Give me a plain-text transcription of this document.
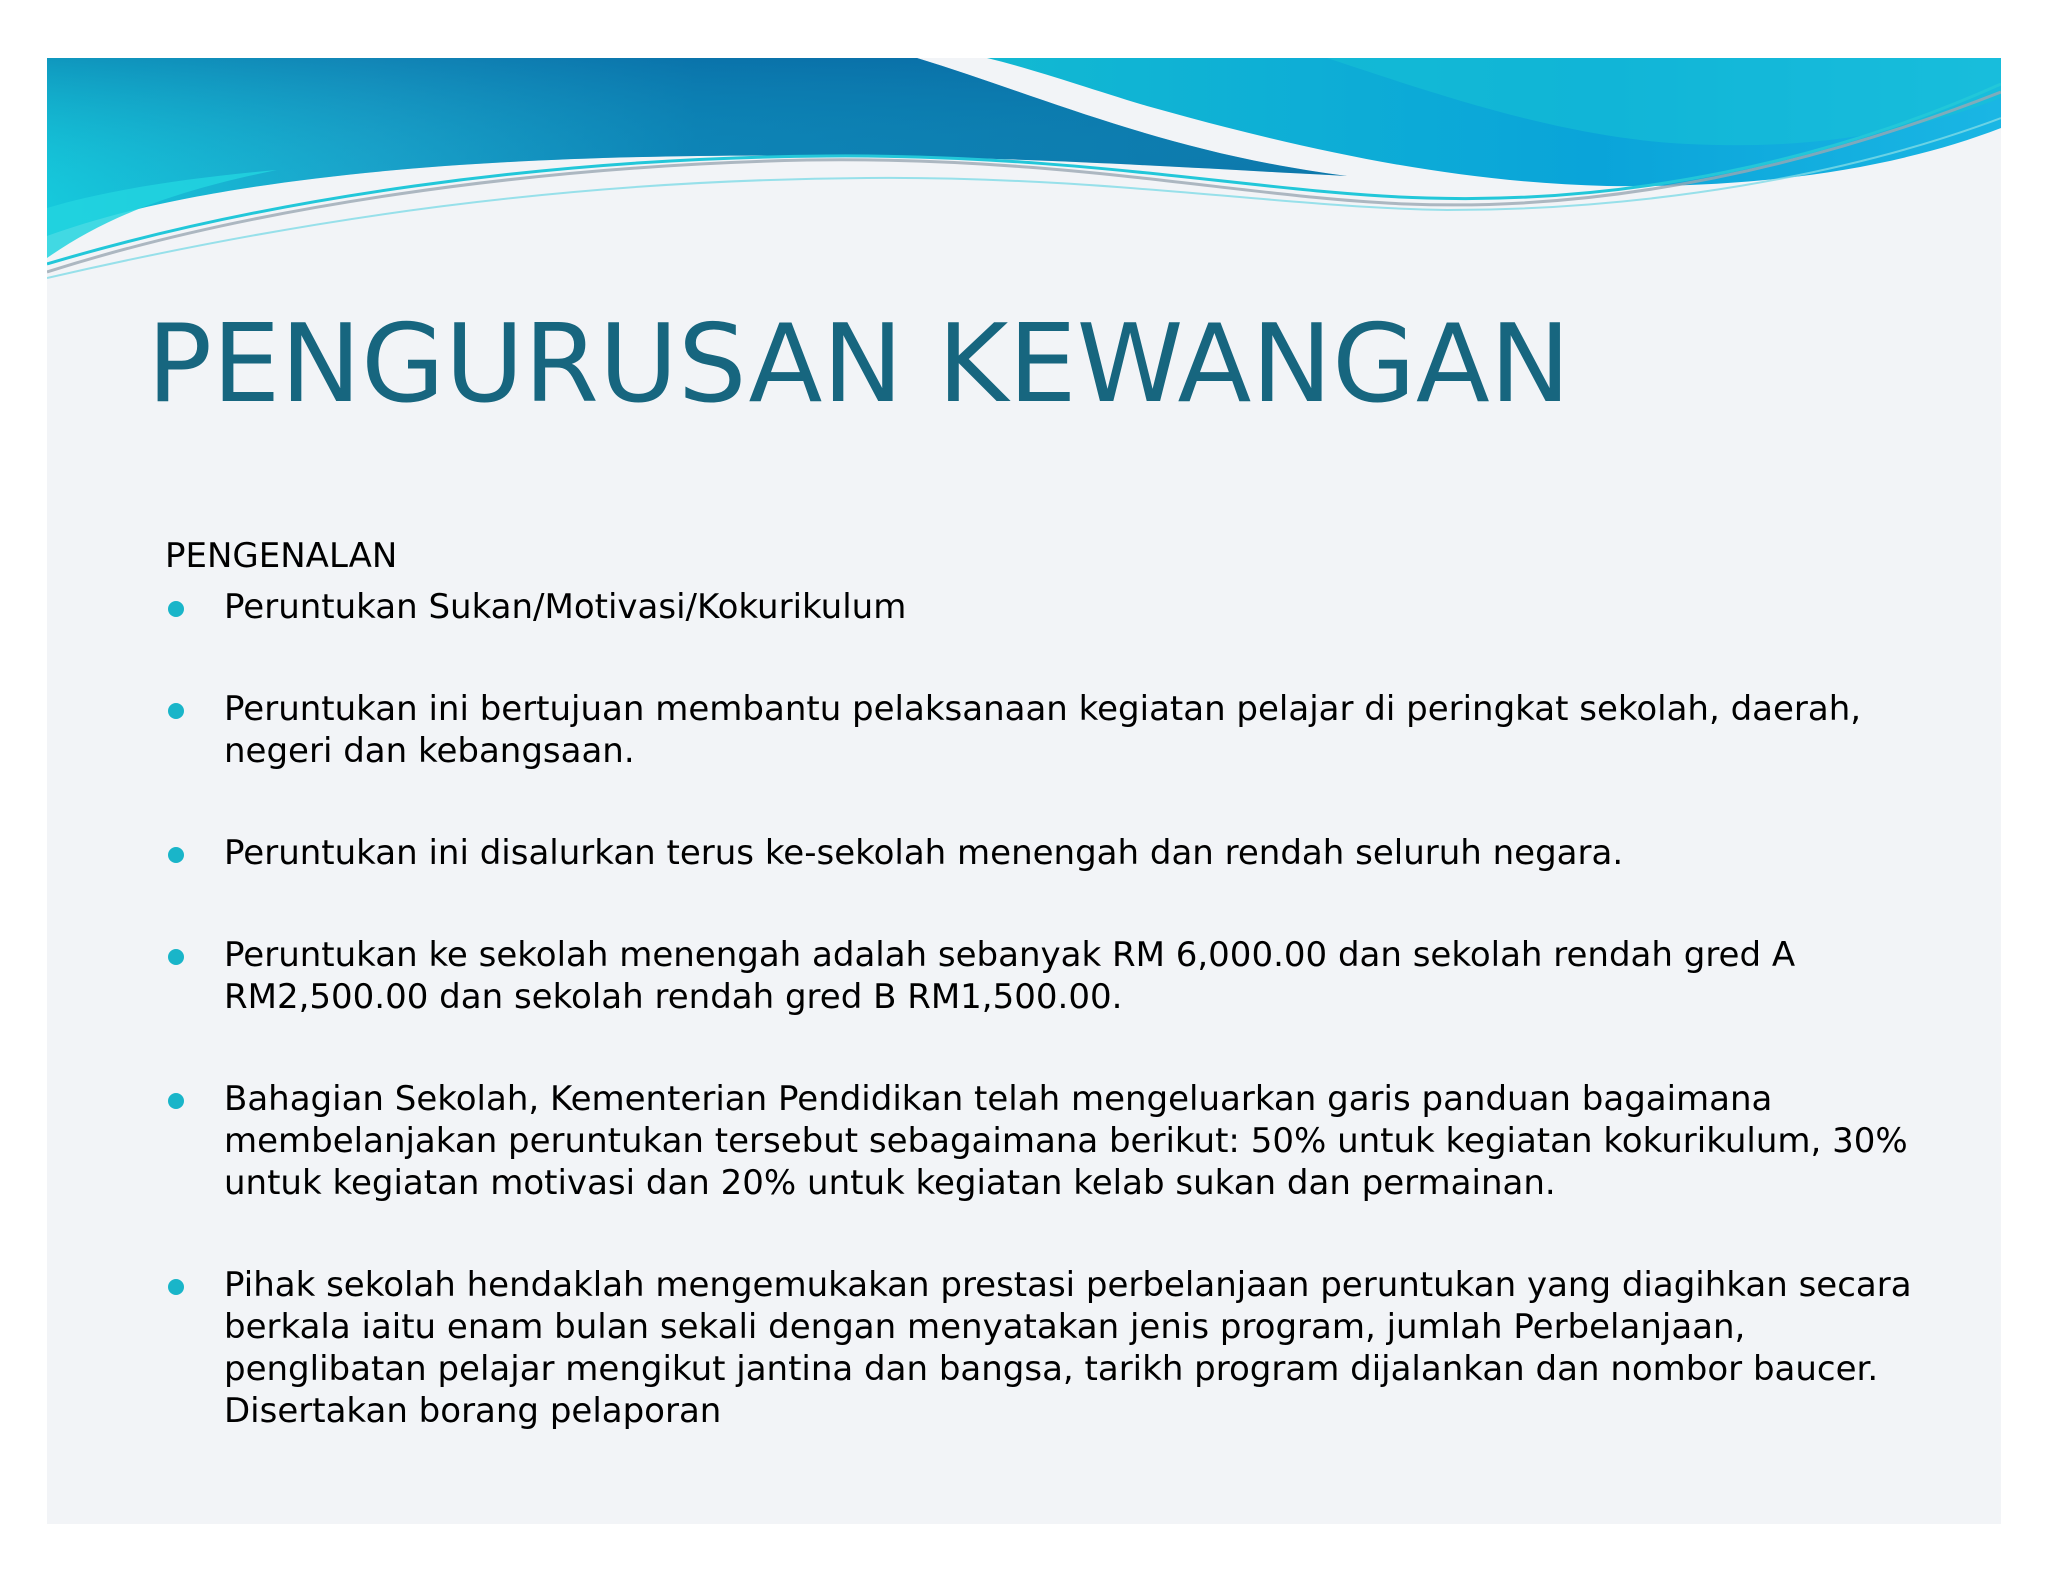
PENGURUSAN KEWANGAN
PENGENALAN
Peruntukan Sukan/Motivasi/Kokurikulum
Peruntukan ini bertujuan membantu pelaksanaan kegiatan pelajar di peringkat sekolah, daerah, negeri dan kebangsaan.
Peruntukan ini disalurkan terus ke-sekolah menengah dan rendah seluruh negara.
Peruntukan ke sekolah menengah adalah sebanyak RM 6,000.00 dan sekolah rendah gred A RM2,500.00 dan sekolah rendah gred B RM1,500.00.
Bahagian Sekolah, Kementerian Pendidikan telah mengeluarkan garis panduan bagaimana membelanjakan peruntukan tersebut sebagaimana berikut: 50% untuk kegiatan kokurikulum, 30% untuk kegiatan motivasi dan 20% untuk kegiatan kelab sukan dan permainan.
Pihak sekolah hendaklah mengemukakan prestasi perbelanjaan peruntukan yang diagihkan secara berkala iaitu enam bulan sekali dengan menyatakan jenis program, jumlah Perbelanjaan, penglibatan pelajar mengikut jantina dan bangsa, tarikh program dijalankan dan nombor baucer. Disertakan borang pelaporan
